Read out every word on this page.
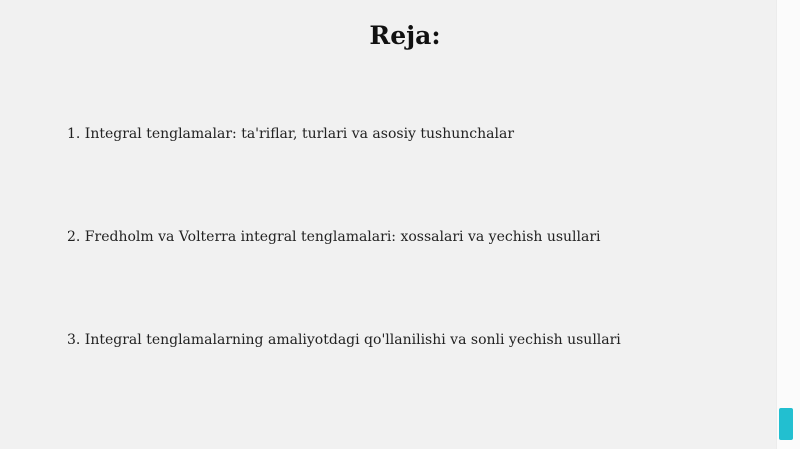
Reja:

1. Integral tenglamalar: ta'riflar, turlari va asosiy tushunchalar

2. Fredholm va Volterra integral tenglamalari: xossalari va yechish usullari

3. Integral tenglamalarning amaliyotdagi qo'llanilishi va sonli yechish usullari
